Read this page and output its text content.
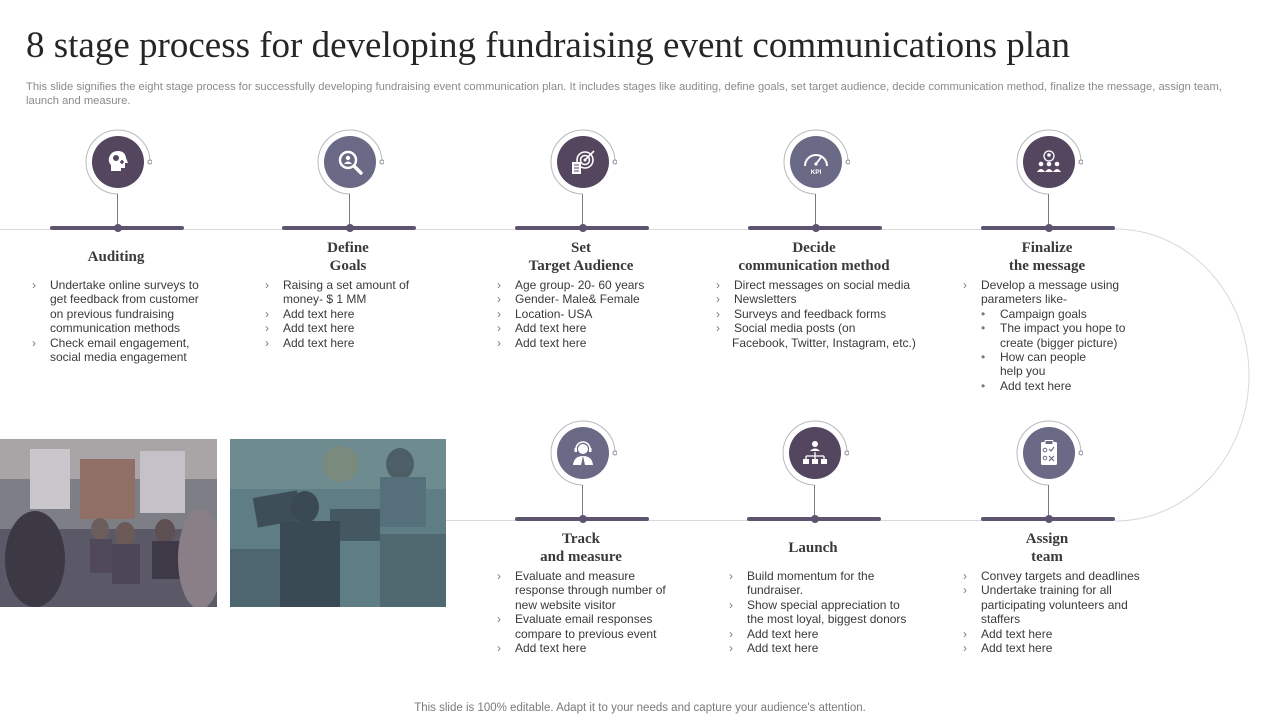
8 stage process for developing fundraising event communications plan
This slide signifies the eight stage process for successfully developing fundraising event communication plan. It includes stages like auditing, define goals, set target audience, decide communication method, finalize the message, assign team, launch and measure.
Auditing
› Undertake online surveys to get feedback from customer on previous fundraising communication methods
› Check email engagement, social media engagement
Define
Goals
› Raising a set amount of money- $ 1 MM
› Add text here
› Add text here
› Add text here
Set
Target Audience
› Age group- 20- 60 years
› Gender- Male& Female
› Location- USA
› Add text here
› Add text here
KPI
Decide
communication method
› Direct messages on social media
› Newsletters
› Surveys and feedback forms
› Social media posts (on
Facebook, Twitter, Instagram, etc.)
Finalize
the message
› Develop a message using parameters like-
• Campaign goals
• The impact you hope to create (bigger picture)
• How can people help you
• Add text here
Track
and measure
› Evaluate and measure response through number of new website visitor
› Evaluate email responses compare to previous event
› Add text here
Launch
› Build momentum for the fundraiser.
› Show special appreciation to the most loyal, biggest donors
› Add text here
› Add text here
Assign
team
› Convey targets and deadlines
› Undertake training for all participating volunteers and staffers
› Add text here
› Add text here
This slide is 100% editable. Adapt it to your needs and capture your audience's attention.
